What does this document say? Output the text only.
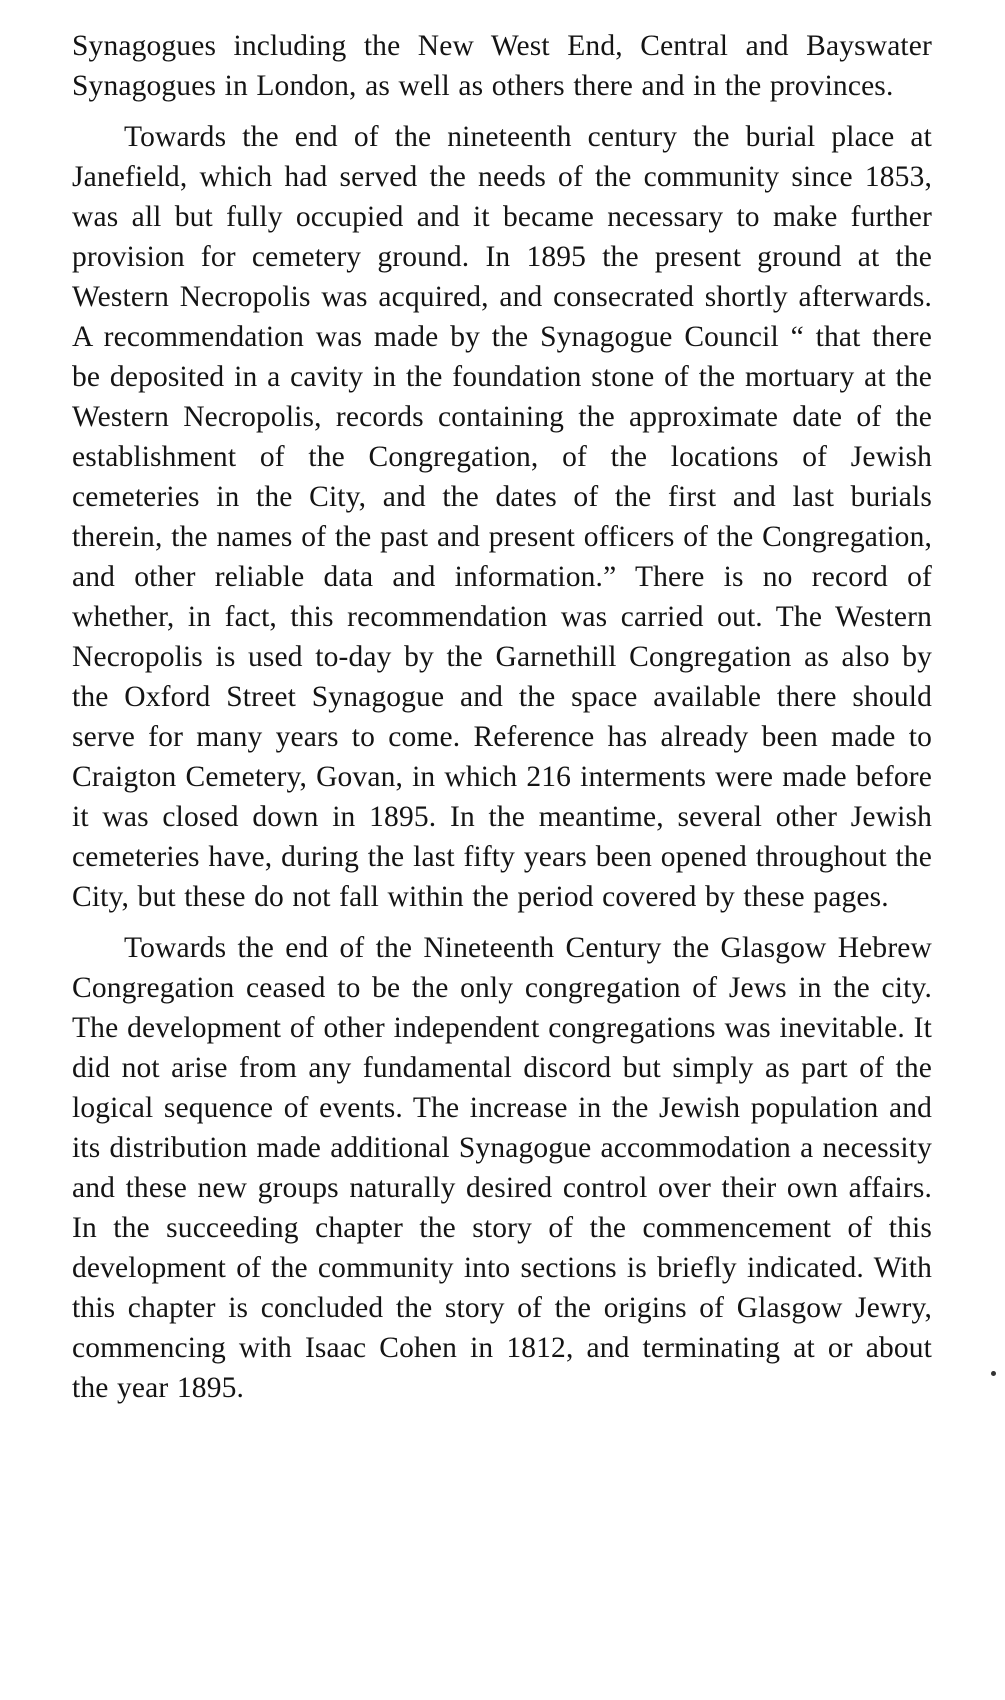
Synagogues including the New West End, Central and Bayswater Synagogues in London, as well as others there and in the provinces.

Towards the end of the nineteenth century the burial place at Janefield, which had served the needs of the community since 1853, was all but fully occupied and it became necessary to make further provision for cemetery ground. In 1895 the present ground at the Western Necropolis was acquired, and consecrated shortly afterwards. A recommendation was made by the Synagogue Council “ that there be deposited in a cavity in the foundation stone of the mortuary at the Western Necropolis, records containing the approximate date of the establishment of the Congregation, of the locations of Jewish cemeteries in the City, and the dates of the first and last burials therein, the names of the past and present officers of the Congregation, and other reliable data and information.” There is no record of whether, in fact, this recommendation was carried out. The Western Necropolis is used to-day by the Garnethill Congregation as also by the Oxford Street Synagogue and the space available there should serve for many years to come. Reference has already been made to Craigton Cemetery, Govan, in which 216 interments were made before it was closed down in 1895. In the meantime, several other Jewish cemeteries have, during the last fifty years been opened throughout the City, but these do not fall within the period covered by these pages.

Towards the end of the Nineteenth Century the Glasgow Hebrew Congregation ceased to be the only congregation of Jews in the city. The development of other independent congregations was inevitable. It did not arise from any fundamental discord but simply as part of the logical sequence of events. The increase in the Jewish population and its distribution made additional Synagogue accommodation a necessity and these new groups naturally desired control over their own affairs. In the succeeding chapter the story of the commencement of this development of the community into sections is briefly indicated. With this chapter is concluded the story of the origins of Glasgow Jewry, commencing with Isaac Cohen in 1812, and terminating at or about the year 1895.
